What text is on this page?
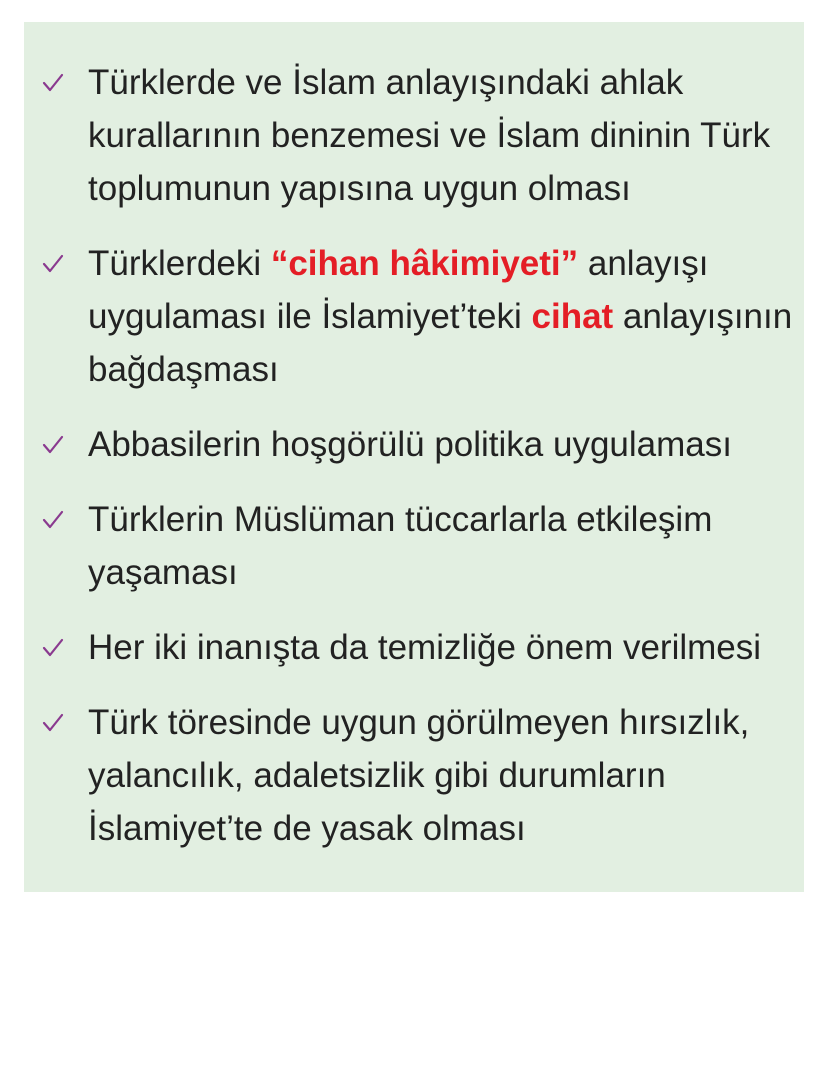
Türklerde ve İslam anlayışındaki ahlak kurallarının benzemesi ve İslam dininin Türk toplumunun yapısına uygun olması
Türklerdeki “cihan hâkimiyeti” anlayışı uygulaması ile İslamiyet’teki cihat anlayışının bağdaşması
Abbasilerin hoşgörülü politika uygulaması
Türklerin Müslüman tüccarlarla etkileşim yaşaması
Her iki inanışta da temizliğe önem verilmesi
Türk töresinde uygun görülmeyen hırsızlık, yalancılık, adaletsizlik gibi durumların İslamiyet’te de yasak olması
